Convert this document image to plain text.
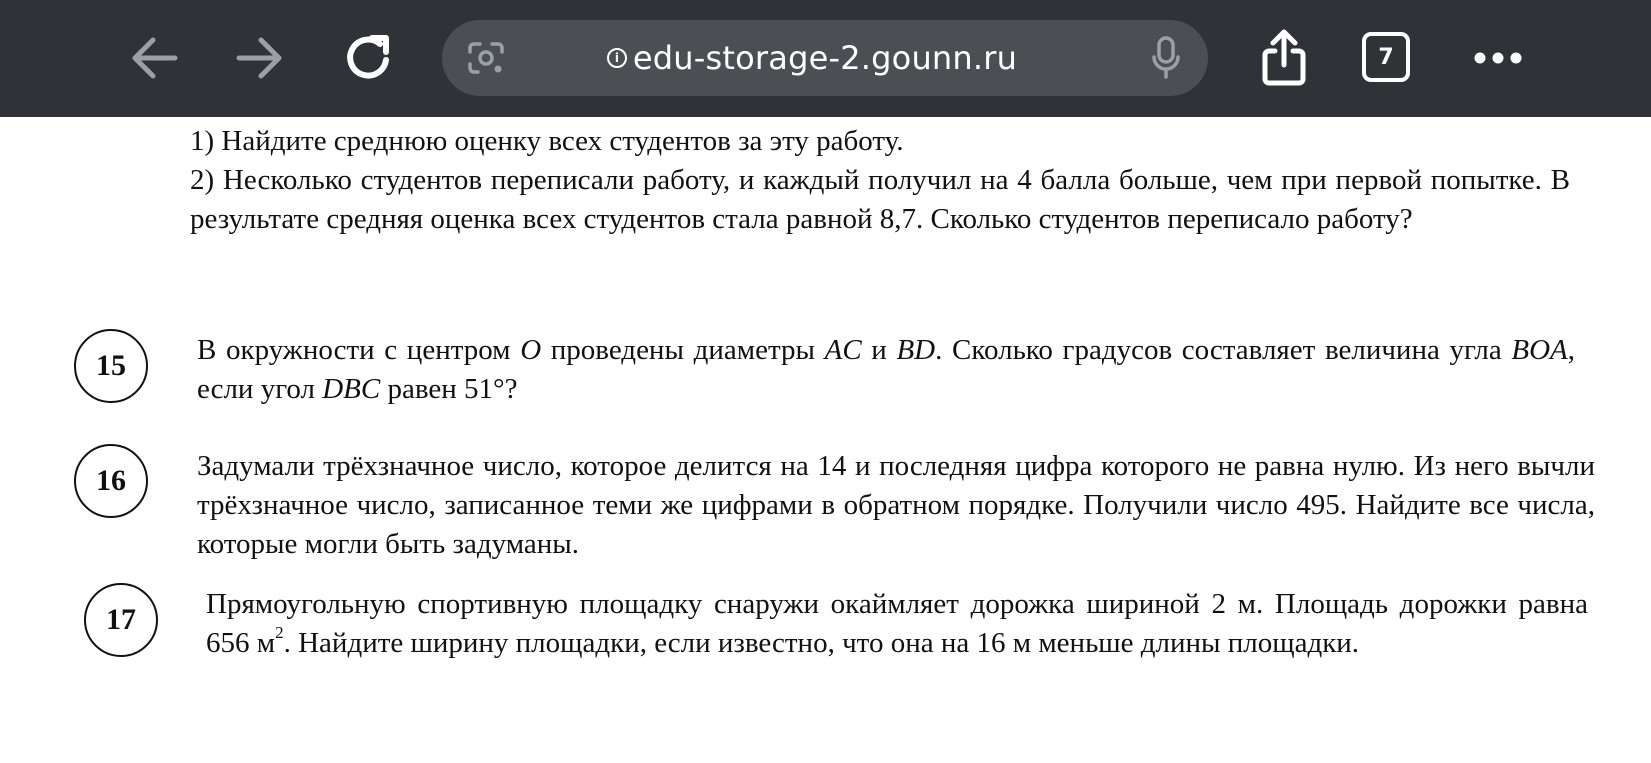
i edu-storage-2.gounn.ru	7
1) Найдите среднюю оценку всех студентов за эту работу.
2) Несколько студентов переписали работу, и каждый получил на 4 балла больше, чем при первой попытке. В результате средняя оценка всех студентов стала равной 8,7. Сколько студентов переписало работу?
15 В окружности с центром O проведены диаметры AC и BD. Сколько градусов составляет величина угла BOA, если угол DBC равен 51°?
16 Задумали трёхзначное число, которое делится на 14 и последняя цифра которого не равна нулю. Из него вычли трёхзначное число, записанное теми же цифрами в обратном порядке. Получили число 495. Найдите все числа, которые могли быть задуманы.
17 Прямоугольную спортивную площадку снаружи окаймляет дорожка шириной 2 м. Площадь дорожки равна 656 $м^2$. Найдите ширину площадки, если известно, что она на 16 м меньше длины площадки.
